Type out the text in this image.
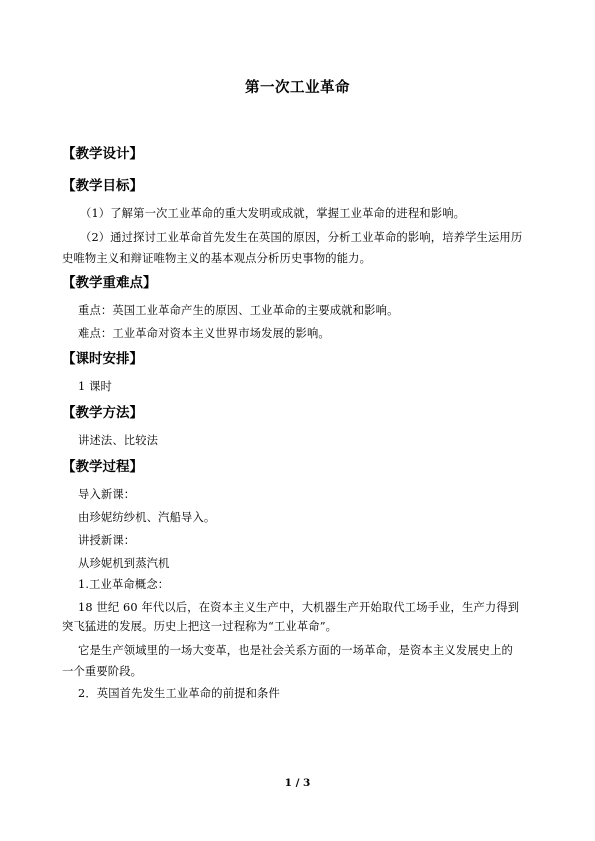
第一次工业革命
【教学设计】
【教学目标】
（1）了解第一次工业革命的重大发明或成就，掌握工业革命的进程和影响。
（2）通过探讨工业革命首先发生在英国的原因，分析工业革命的影响，培养学生运用历
史唯物主义和辩证唯物主义的基本观点分析历史事物的能力。
【教学重难点】
重点：英国工业革命产生的原因、工业革命的主要成就和影响。
难点：工业革命对资本主义世界市场发展的影响。
【课时安排】
1 课时
【教学方法】
讲述法、比较法
【教学过程】
导入新课：
由珍妮纺纱机、汽船导入。
讲授新课：
从珍妮机到蒸汽机
1.工业革命概念：
18 世纪 60 年代以后，在资本主义生产中，大机器生产开始取代工场手业，生产力得到
突飞猛进的发展。历史上把这一过程称为“工业革命”。
它是生产领域里的一场大变革，也是社会关系方面的一场革命，是资本主义发展史上的
一个重要阶段。
2．英国首先发生工业革命的前提和条件
1 / 3
